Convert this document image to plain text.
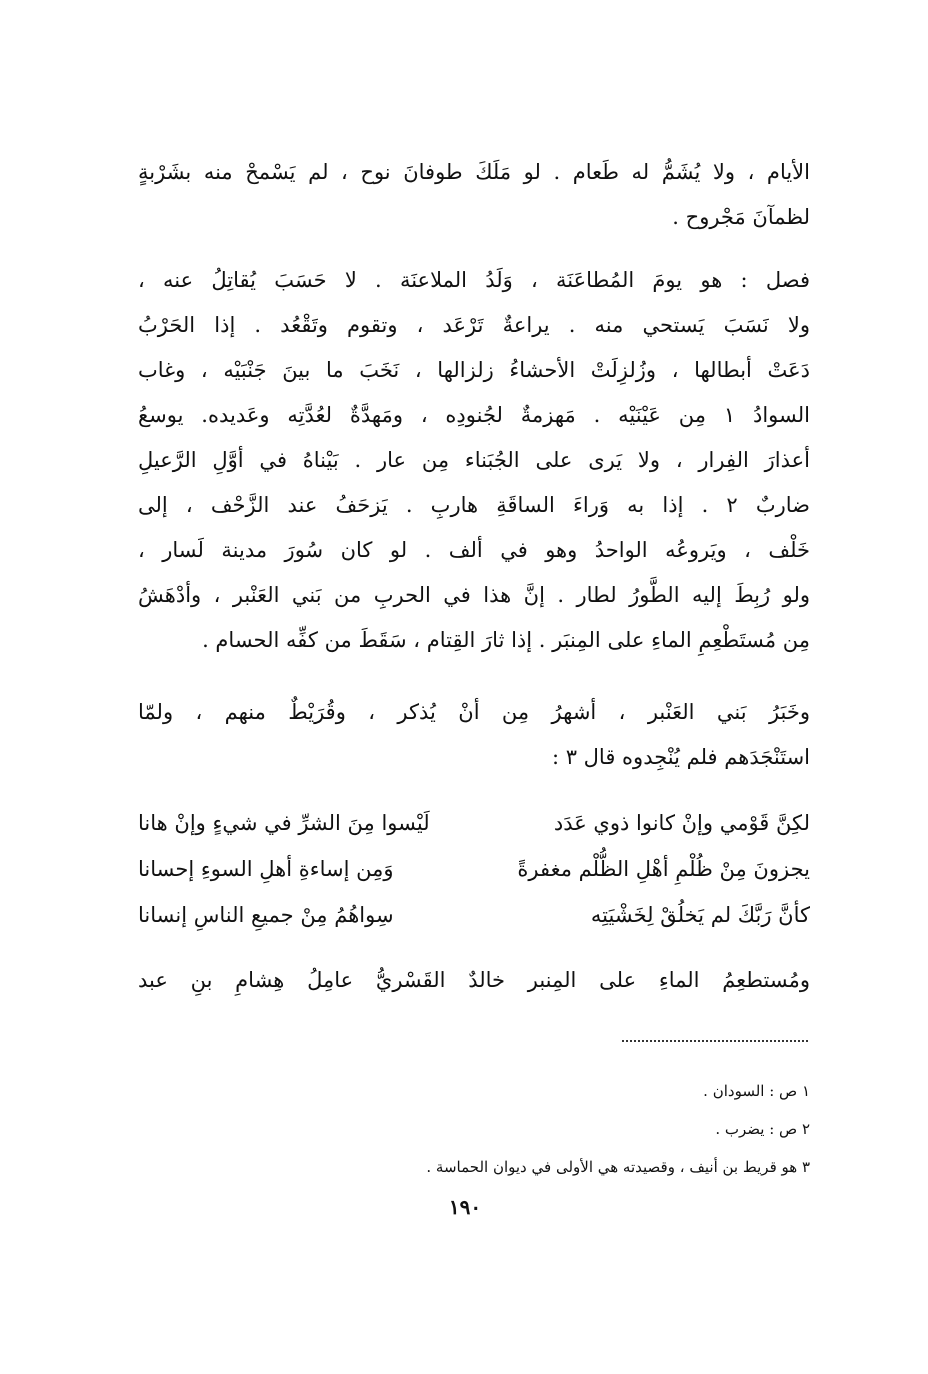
الأيام ، ولا يُشَمُّ له طَعام . لو مَلَكَ طوفانَ نوح ، لم يَسْمحْ منه بشَرْبةٍ
لظمآنَ مَجْروح .
فصل : هو يومَ المُطاعَنَة ، وَلَدُ الملاعنَة . لا حَسَبَ يُقاتِلُ عنه ،
ولا نَسَبَ يَستحي منه . يراعةٌ تَرْعَد ، وتقوم وتَقْعُد . إذا الحَرْبُ
دَعَتْ أبطالها ، وزُلزِلَتْ الأحشاءُ زلزالها ، نَخَبَ ما بينَ جَنْبَيْه ، وغاب
السوادُ ١ مِن عَيْنَيْه . مَهزمةٌ لجُنودِه ، ومَهدَّةٌ لعُدَّتِه وعَديده. يوسعُ
أعذارَ الفِرار ، ولا يَرى على الجُبَناء مِن عار . بَيْناهُ في أوَّلِ الرَّعيلِ
ضاربٌ ٢ . إذا به وَراءَ الساقَةِ هاربِ . يَزحَفُ عند الزَّحْف ، إلى
خَلْف ، ويَروعُه الواحدُ وهو في ألف . لو كان سُورَ مدينة لَسار ،
ولو رُبِطَ إليه الطَّورُ لطار . إنَّ هذا في الحربِ من بَني العَنْبر ، وأدْهَشُ
مِن مُستَطْعِمِ الماءِ على المِنبَر . إذا ثارَ القِتام ، سَقَطَ من كفِّه الحسام .
وخَبَرُ بَني العَنْبر ، أشهرُ مِن أنْ يُذكر ، وقُرَيْطٌ منهم ، ولمّا
استَنْجَدَهم فلم يُنْجِدوه قال ٣ :
لكِنَّ قَوْمي وإنْ كانوا ذوي عَدَد
لَيْسوا مِنَ الشرِّ في شيءٍ وإنْ هانا
يجزونَ مِنْ ظُلْمِ أهْلِ الظُّلْم مغفرةً
وَمِن إساءةِ أهلِ السوءِ إحسانا
كأنَّ رَبَّكَ لم يَخلُقْ لِخَشْيَتِه
سِواهُمُ مِنْ جميعِ الناسِ إنسانا
ومُستطعِمُ الماءِ على المِنبر خالدٌ القَسْريُّ عامِلُ هِشامِ بنِ عبد
١ ص : السودان .
٢ ص : يضرب .
٣ هو قريط بن أنيف ، وقصيدته هي الأولى في ديوان الحماسة .
١٩٠
